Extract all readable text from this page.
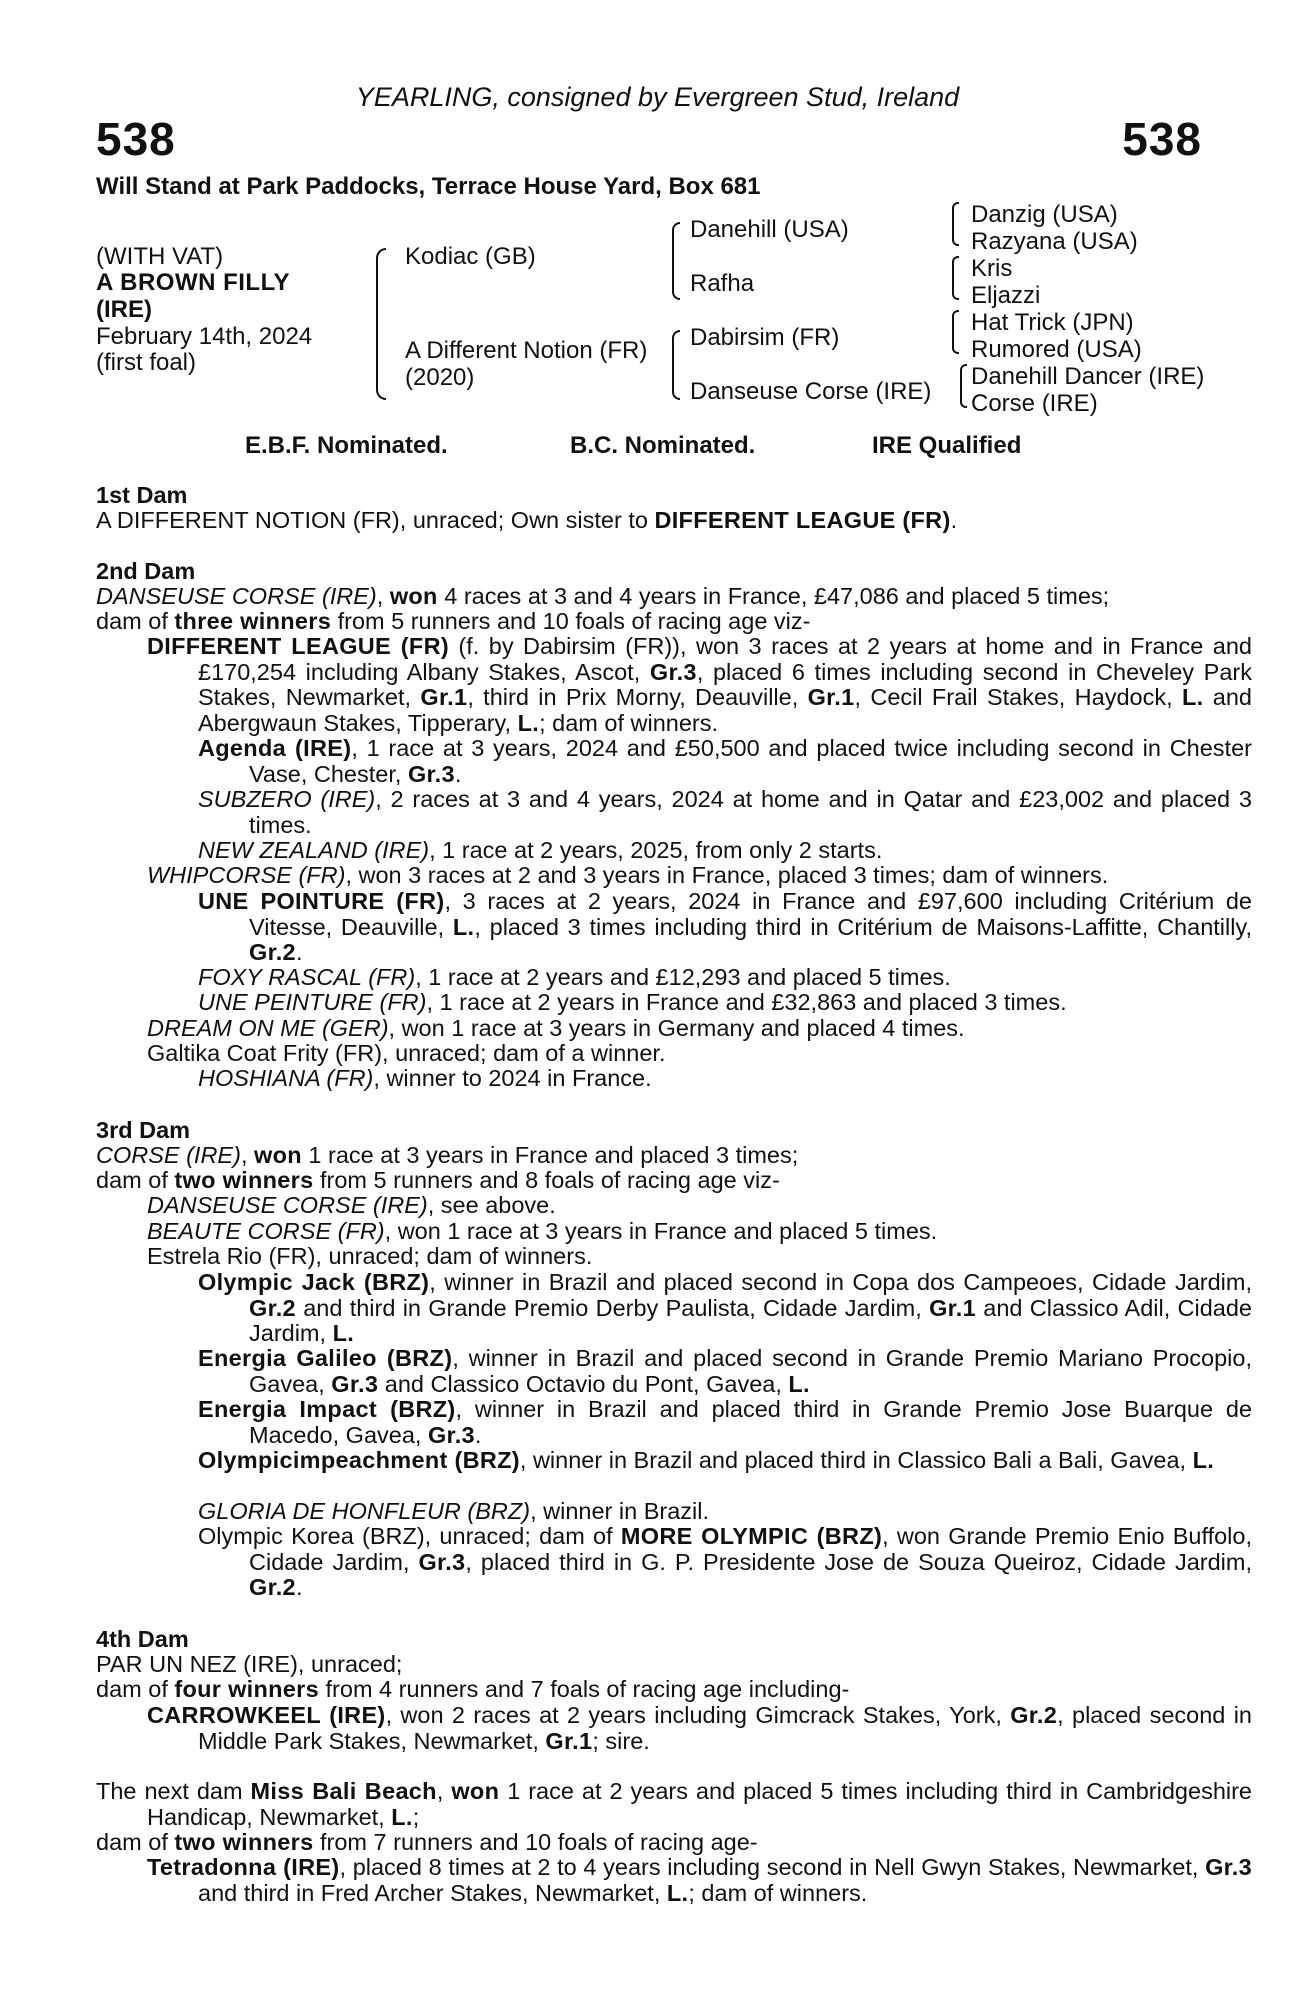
YEARLING, consigned by Evergreen Stud, Ireland
538	538
Will Stand at Park Paddocks, Terrace House Yard, Box 681
(WITH VAT)
A BROWN FILLY
(IRE)
February 14th, 2024
(first foal)
Kodiac (GB)
A Different Notion (FR)
(2020)
Danehill (USA)
Rafha
Dabirsim (FR)
Danseuse Corse (IRE)
Danzig (USA)
Razyana (USA)
Kris
Eljazzi
Hat Trick (JPN)
Rumored (USA)
Danehill Dancer (IRE)
Corse (IRE)
E.B.F. Nominated.	B.C. Nominated.	IRE Qualified
1st Dam
A DIFFERENT NOTION (FR), unraced; Own sister to DIFFERENT LEAGUE (FR).
2nd Dam
DANSEUSE CORSE (IRE), won 4 races at 3 and 4 years in France, £47,086 and placed 5 times;
dam of three winners from 5 runners and 10 foals of racing age viz-
DIFFERENT LEAGUE (FR) (f. by Dabirsim (FR)), won 3 races at 2 years at home and in France and £170,254 including Albany Stakes, Ascot, Gr.3, placed 6 times including second in Cheveley Park Stakes, Newmarket, Gr.1, third in Prix Morny, Deauville, Gr.1, Cecil Frail Stakes, Haydock, L. and Abergwaun Stakes, Tipperary, L.; dam of winners.
Agenda (IRE), 1 race at 3 years, 2024 and £50,500 and placed twice including second in Chester Vase, Chester, Gr.3.
SUBZERO (IRE), 2 races at 3 and 4 years, 2024 at home and in Qatar and £23,002 and placed 3 times.
NEW ZEALAND (IRE), 1 race at 2 years, 2025, from only 2 starts.
WHIPCORSE (FR), won 3 races at 2 and 3 years in France, placed 3 times; dam of winners.
UNE POINTURE (FR), 3 races at 2 years, 2024 in France and £97,600 including Critérium de Vitesse, Deauville, L., placed 3 times including third in Critérium de Maisons-Laffitte, Chantilly, Gr.2.
FOXY RASCAL (FR), 1 race at 2 years and £12,293 and placed 5 times.
UNE PEINTURE (FR), 1 race at 2 years in France and £32,863 and placed 3 times.
DREAM ON ME (GER), won 1 race at 3 years in Germany and placed 4 times.
Galtika Coat Frity (FR), unraced; dam of a winner.
HOSHIANA (FR), winner to 2024 in France.
3rd Dam
CORSE (IRE), won 1 race at 3 years in France and placed 3 times;
dam of two winners from 5 runners and 8 foals of racing age viz-
DANSEUSE CORSE (IRE), see above.
BEAUTE CORSE (FR), won 1 race at 3 years in France and placed 5 times.
Estrela Rio (FR), unraced; dam of winners.
Olympic Jack (BRZ), winner in Brazil and placed second in Copa dos Campeoes, Cidade Jardim, Gr.2 and third in Grande Premio Derby Paulista, Cidade Jardim, Gr.1 and Classico Adil, Cidade Jardim, L.
Energia Galileo (BRZ), winner in Brazil and placed second in Grande Premio Mariano Procopio, Gavea, Gr.3 and Classico Octavio du Pont, Gavea, L.
Energia Impact (BRZ), winner in Brazil and placed third in Grande Premio Jose Buarque de Macedo, Gavea, Gr.3.
Olympicimpeachment (BRZ), winner in Brazil and placed third in Classico Bali a Bali, Gavea, L.
GLORIA DE HONFLEUR (BRZ), winner in Brazil.
Olympic Korea (BRZ), unraced; dam of MORE OLYMPIC (BRZ), won Grande Premio Enio Buffolo, Cidade Jardim, Gr.3, placed third in G. P. Presidente Jose de Souza Queiroz, Cidade Jardim, Gr.2.
4th Dam
PAR UN NEZ (IRE), unraced;
dam of four winners from 4 runners and 7 foals of racing age including-
CARROWKEEL (IRE), won 2 races at 2 years including Gimcrack Stakes, York, Gr.2, placed second in Middle Park Stakes, Newmarket, Gr.1; sire.
The next dam Miss Bali Beach, won 1 race at 2 years and placed 5 times including third in Cambridgeshire Handicap, Newmarket, L.;
dam of two winners from 7 runners and 10 foals of racing age-
Tetradonna (IRE), placed 8 times at 2 to 4 years including second in Nell Gwyn Stakes, Newmarket, Gr.3 and third in Fred Archer Stakes, Newmarket, L.; dam of winners.
